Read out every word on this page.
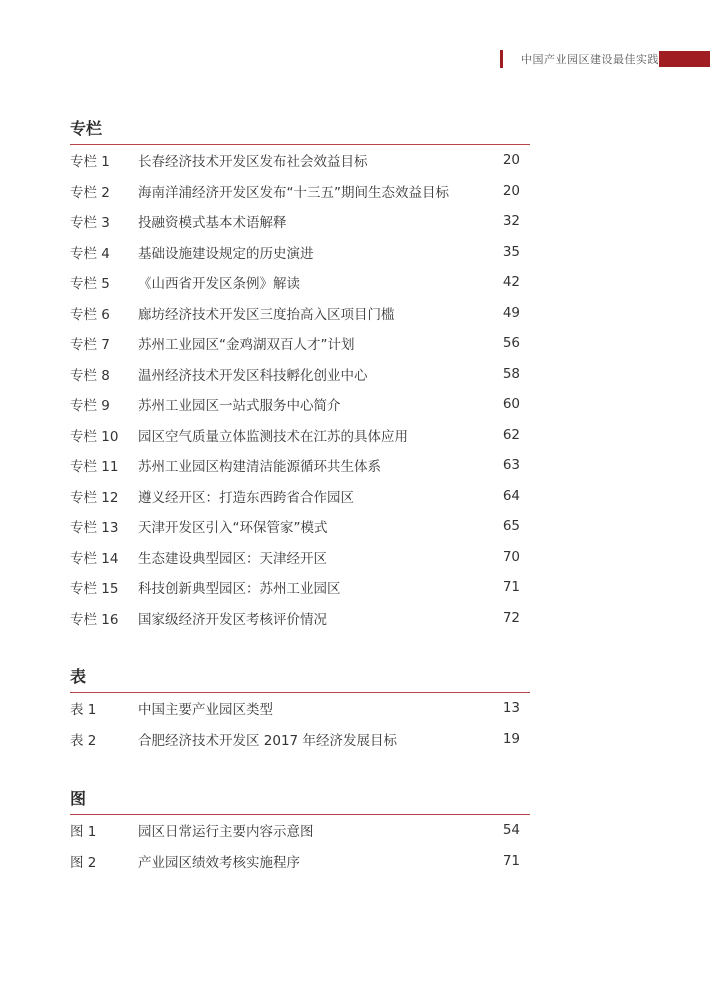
中国产业园区建设最佳实践
专栏
专栏 1	长春经济技术开发区发布社会效益目标	20
专栏 2	海南洋浦经济开发区发布“十三五”期间生态效益目标	20
专栏 3	投融资模式基本术语解释	32
专栏 4	基础设施建设规定的历史演进	35
专栏 5	《山西省开发区条例》解读	42
专栏 6	廊坊经济技术开发区三度抬高入区项目门槛	49
专栏 7	苏州工业园区“金鸡湖双百人才”计划	56
专栏 8	温州经济技术开发区科技孵化创业中心	58
专栏 9	苏州工业园区一站式服务中心简介	60
专栏 10	园区空气质量立体监测技术在江苏的具体应用	62
专栏 11	苏州工业园区构建清洁能源循环共生体系	63
专栏 12	遵义经开区：打造东西跨省合作园区	64
专栏 13	天津开发区引入“环保管家”模式	65
专栏 14	生态建设典型园区：天津经开区	70
专栏 15	科技创新典型园区：苏州工业园区	71
专栏 16	国家级经济开发区考核评价情况	72
表
表 1	中国主要产业园区类型	13
表 2	合肥经济技术开发区 2017 年经济发展目标	19
图
图 1	园区日常运行主要内容示意图	54
图 2	产业园区绩效考核实施程序	71
